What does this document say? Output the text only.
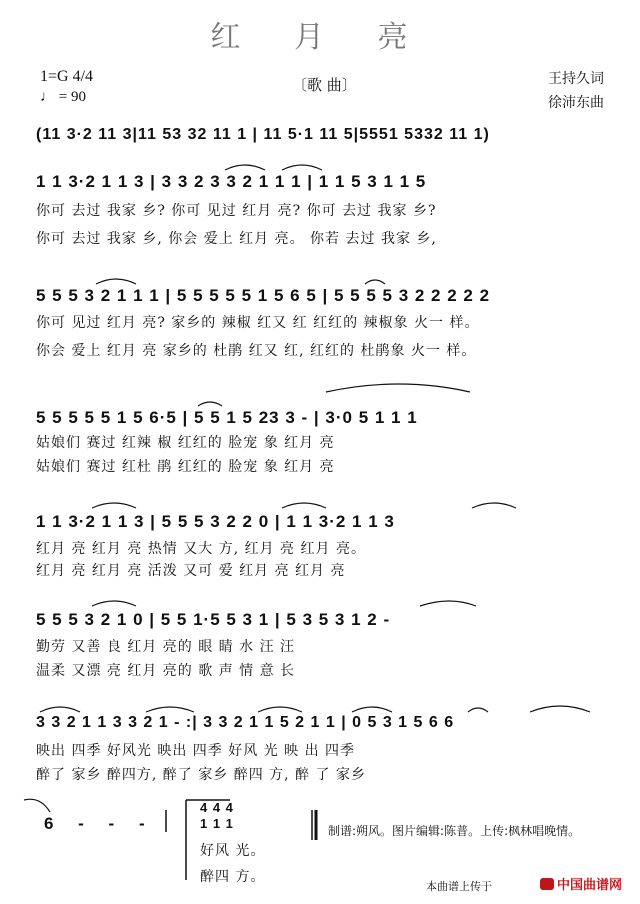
红 月 亮
1=G 4/4
♩ = 90
〔歌 曲〕	王持久词
徐沛东曲
(11 3·2 11 3|11 53 32 11 1 | 11 5·1 11 5|5551 5332 11 1)
1 1 3·2 1 1 3 | 3 3 2 3 3 2 1 1 1 | 1 1 5 3 1 1 5
你可 去过 我家 乡? 你可 见过 红月 亮? 你可 去过 我家 乡?
你可 去过 我家 乡, 你会 爱上 红月 亮。 你若 去过 我家 乡,
5 5 5 3 2 1 1 1 | 5 5 5 5 5 1 5 6 5 | 5 5 5 5 3 2 2 2 2 2
你可 见过 红月 亮? 家乡的 辣椒 红又 红 红红的 辣椒象 火一 样。
你会 爱上 红月 亮 家乡的 杜鹃 红又 红, 红红的 杜鹃象 火一 样。
5 5 5 5 5 1 5 6·5 | 5 5 1 5 23 3 - | 3·0 5 1 1 1
姑娘们 赛过 红辣 椒 红红的 脸宠 象 红月 亮
姑娘们 赛过 红杜 鹃 红红的 脸宠 象 红月 亮
1 1 3·2 1 1 3 | 5 5 5 3 2 2 0 | 1 1 3·2 1 1 3
红月 亮 红月 亮 热情 又大 方, 红月 亮 红月 亮。
红月 亮 红月 亮 活泼 又可 爱 红月 亮 红月 亮
5 5 5 3 2 1 0 | 5 5 1·5 5 3 1 | 5 3 5 3 1 2 -
勤劳 又善 良 红月 亮的 眼 睛 水 汪 汪
温柔 又漂 亮 红月 亮的 歌 声 情 意 长
3 3 2 1 1 3 3 2 1 - :| 3 3 2 1 1 5 2 1 1 | 0 5 3 1 5 6 6
映出 四季 好风光 映出 四季 好风 光 映 出 四季
醉了 家乡 醉四方, 醉了 家乡 醉四 方, 醉 了 家乡
6 - - -
4 4 4
1 1 1
好风 光。
醉四 方。
制谱:朔风。图片编辑:陈普。上传:枫林唱晚情。
本曲谱上传于	中国曲谱网
